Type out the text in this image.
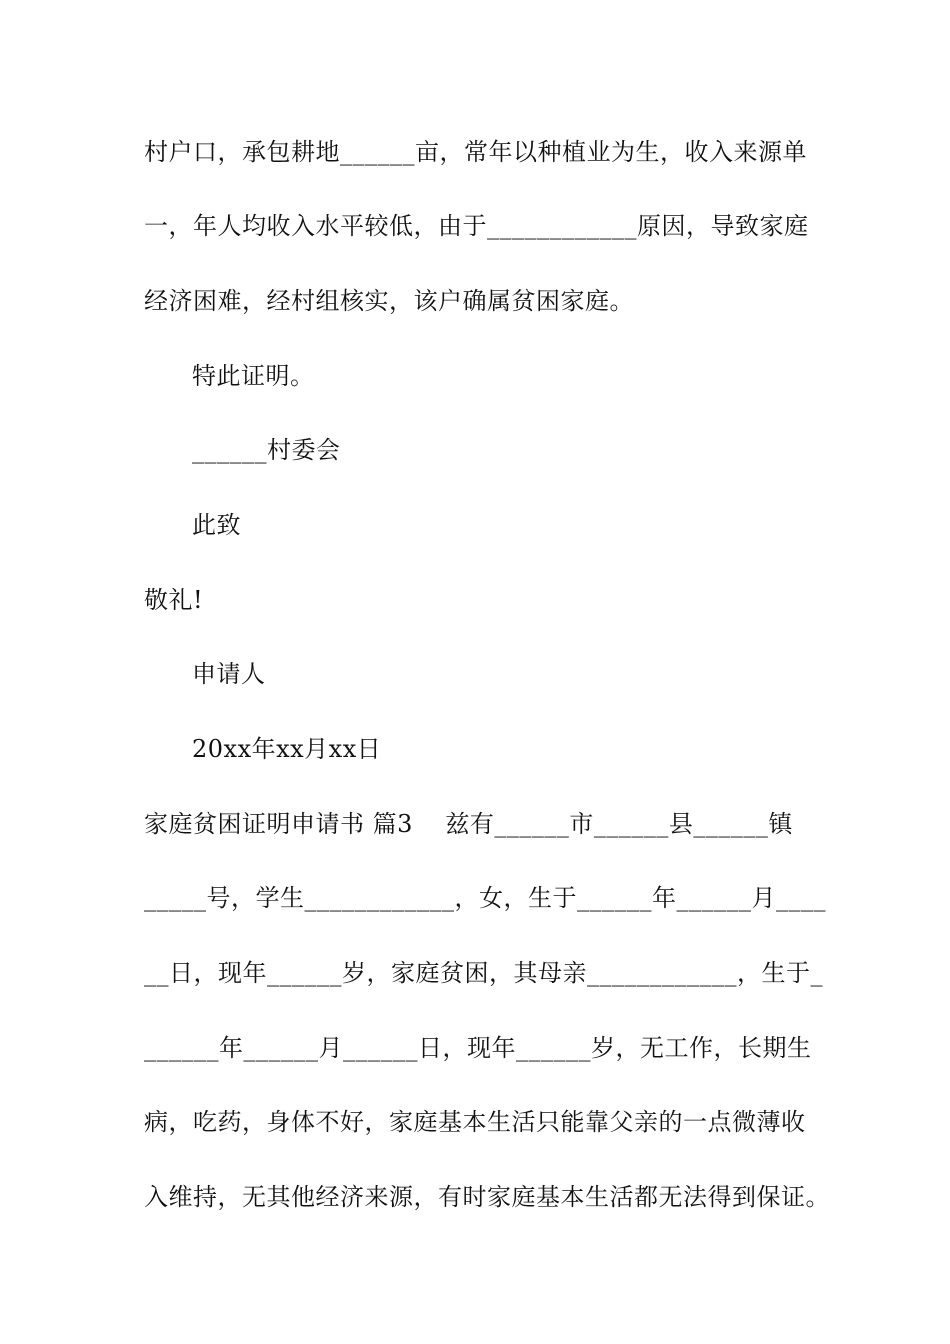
村户口，承包耕地______亩，常年以种植业为生，收入来源单
一，年人均收入水平较低，由于____________原因，导致家庭
经济困难，经村组核实，该户确属贫困家庭。
特此证明。
______村委会
此致
敬礼!
申请人
20xx年xx月xx日
家庭贫困证明申请书 篇3    兹有______市______县______镇
_____号，学生____________，女，生于______年______月____
__日，现年______岁，家庭贫困，其母亲____________，生于_
______年______月______日，现年______岁，无工作，长期生
病，吃药，身体不好，家庭基本生活只能靠父亲的一点微薄收
入维持，无其他经济来源，有时家庭基本生活都无法得到保证。
